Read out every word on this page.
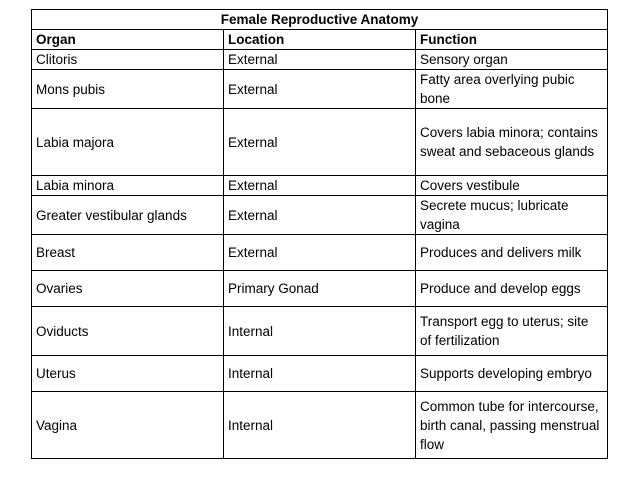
Female Reproductive Anatomy		
Organ	Location	Function
Clitoris	External	Sensory organ
Mons pubis	External	Fatty area overlying pubic bone
Labia majora	External	Covers labia minora; contains sweat and sebaceous glands
Labia minora	External	Covers vestibule
Greater vestibular glands	External	Secrete mucus; lubricate vagina
Breast	External	Produces and delivers milk
Ovaries	Primary Gonad	Produce and develop eggs
Oviducts	Internal	Transport egg to uterus; site of fertilization
Uterus	Internal	Supports developing embryo
Vagina	Internal	Common tube for intercourse, birth canal, passing menstrual flow
